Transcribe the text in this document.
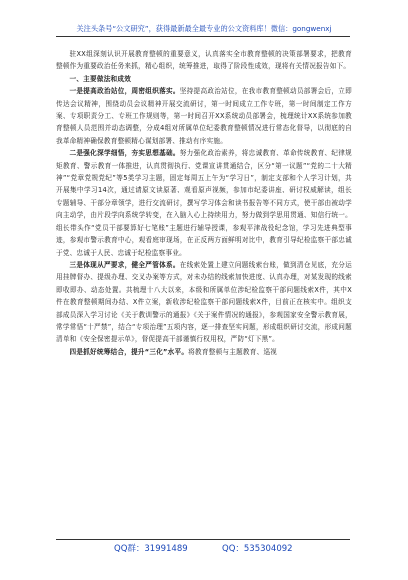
关注头条号“公文研究”，获得最新最全最专业的公文资料库！微信：gongwenxj

驻XX组深刻认识开展教育整顿的重要意义，认真落实全市教育整顿的决策部署要求，把教育整顿作为重要政治任务来抓，精心组织，统筹推进，取得了阶段性成效，现将有关情况报告如下。

一、主要做法和成效

一是提高政治站位，周密组织落实。坚持提高政治站位，在我市教育整顿动员部署会后，立即传达会议精神，围绕动员会议精神开展交流研讨，第一时间成立工作专班，第一时间制定工作方案、专项职责分工、专班工作规则等，第一时间召开XX系统动员部署会，梳理统计XX系统参加教育整顿人员范围并动态调整，分成4组对所属单位纪委教育整顿情况进行常态化督导，以彻底的自我革命精神确保教育整顿精心谋划部署、推动有序实施。

二是强化深学细悟，夯实思想基础。努力强化政治素养，将忠诚教育、革命传统教育、纪律规矩教育、警示教育一体推进，认真贯彻执行、党课宣讲贯通结合，区分“第一议题”“党的二十大精神”“党章党规党纪”等5类学习主题，固定每周五上午为“学习日”，制定支部和个人学习计划，共开展集中学习14次，通过请原文读原著、观看原声视频，参加市纪委讲座、研讨权威解读，组长专题辅导、干部分章领学，进行交流研讨，撰写学习体会和读书报告等不同方式，使干部由被动学向主动学，由片段学向系统学转变，在入脑入心上持续用力，努力做到学思用贯通、知信行统一。组长带头作“党员干部要算好七笔账”主题进行辅导授课，参观平津战役纪念馆，学习先进典型事迹，参观市警示教育中心，观看庭审现场，在正反两方面鲜明对比中，教育引导纪检监察干部忠诚于党、忠诚于人民、忠诚于纪检监察事业。

三是体现从严要求，健全严管体系。在线索处置上建立问题线索台账，做到清仓见底，充分运用挂牌督办、提级办理、交叉办案等方式，对未办结的线索加快进度、认真办理，对某发现的线索即收即办、动态处置。共梳理十八大以来，本级和所属单位涉纪检监察干部问题线索X件，其中X件在教育整顿期间办结、X件立案，新收涉纪检监察干部问题线索X件，目前正在核实中。组织支部成员深入学习讨论《关于教训警示的通报》《关于案件情况的通报》，参观国家安全警示教育展，常学常悟“十严禁”，结合“专项治理”五项内容，逐一排查坚实问题，形成组织研讨交流，形成问题清单和《安全保密提示单》，督促提高干部谨慎行权用权，严防“灯下黑”。

四是抓好统筹结合，提升“三化”水平。将教育整顿与主题教育、巡视

QQ群：31991489	QQ：535304092
